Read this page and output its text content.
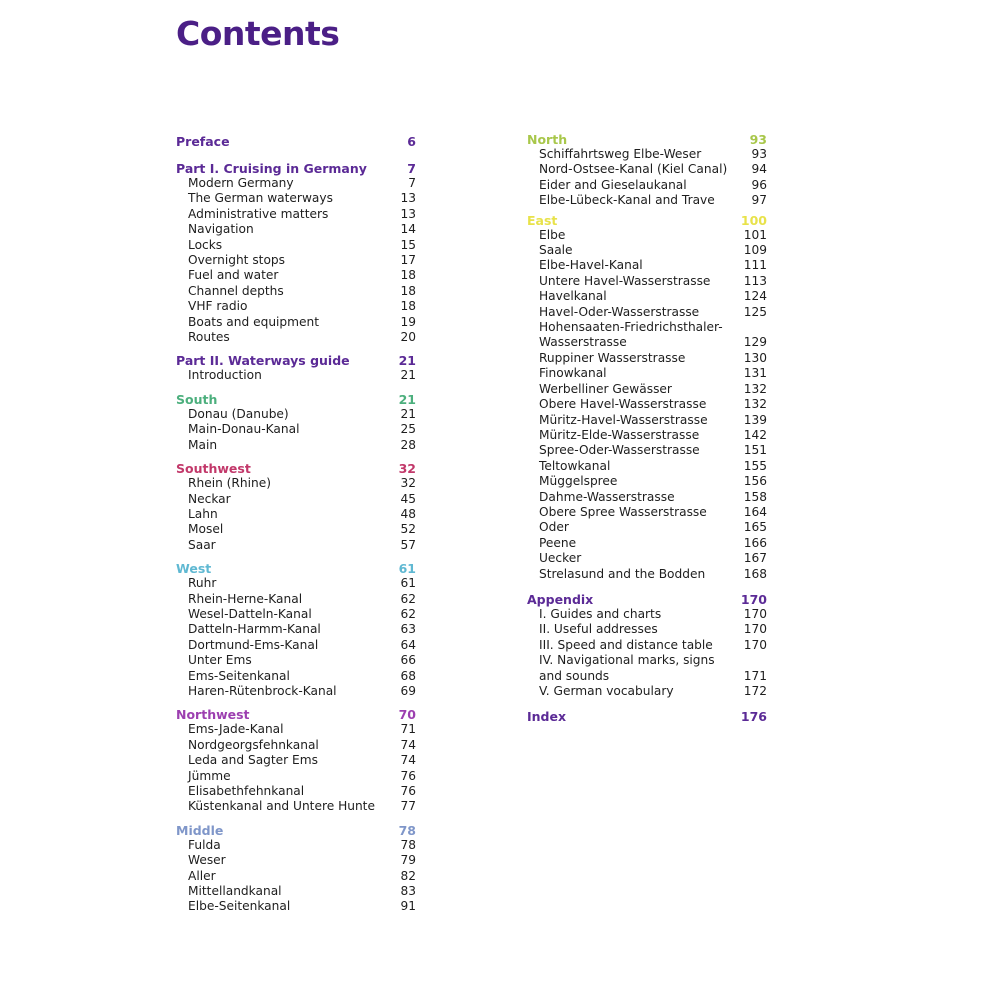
Contents
Preface	6
Part I. Cruising in Germany	7
Modern Germany	7
The German waterways	13
Administrative matters	13
Navigation	14
Locks	15
Overnight stops	17
Fuel and water	18
Channel depths	18
VHF radio	18
Boats and equipment	19
Routes	20
Part II. Waterways guide	21
Introduction	21
South	21
Donau (Danube)	21
Main-Donau-Kanal	25
Main	28
Southwest	32
Rhein (Rhine)	32
Neckar	45
Lahn	48
Mosel	52
Saar	57
West	61
Ruhr	61
Rhein-Herne-Kanal	62
Wesel-Datteln-Kanal	62
Datteln-Harmm-Kanal	63
Dortmund-Ems-Kanal	64
Unter Ems	66
Ems-Seitenkanal	68
Haren-Rütenbrock-Kanal	69
Northwest	70
Ems-Jade-Kanal	71
Nordgeorgsfehnkanal	74
Leda and Sagter Ems	74
Jümme	76
Elisabethfehnkanal	76
Küstenkanal and Untere Hunte 77
Middle	78
Fulda	78
Weser	79
Aller	82
Mittellandkanal	83
Elbe-Seitenkanal	91
North	93
Schiffahrtsweg Elbe-Weser	93
Nord-Ostsee-Kanal (Kiel Canal) 94
Eider and Gieselaukanal	96
Elbe-Lübeck-Kanal and Trave	97
East	100
Elbe	101
Saale	109
Elbe-Havel-Kanal	111
Untere Havel-Wasserstrasse	113
Havelkanal	124
Havel-Oder-Wasserstrasse	125
Hohensaaten-Friedrichsthaler-
Wasserstrasse	129
Ruppiner Wasserstrasse	130
Finowkanal	131
Werbelliner Gewässer	132
Obere Havel-Wasserstrasse	132
Müritz-Havel-Wasserstrasse	139
Müritz-Elde-Wasserstrasse	142
Spree-Oder-Wasserstrasse	151
Teltowkanal	155
Müggelspree	156
Dahme-Wasserstrasse	158
Obere Spree Wasserstrasse	164
Oder	165
Peene	166
Uecker	167
Strelasund and the Bodden	168
Appendix	170
I. Guides and charts	170
II. Useful addresses	170
III. Speed and distance table	170
IV. Navigational marks, signs
and sounds	171
V. German vocabulary	172
Index	176
